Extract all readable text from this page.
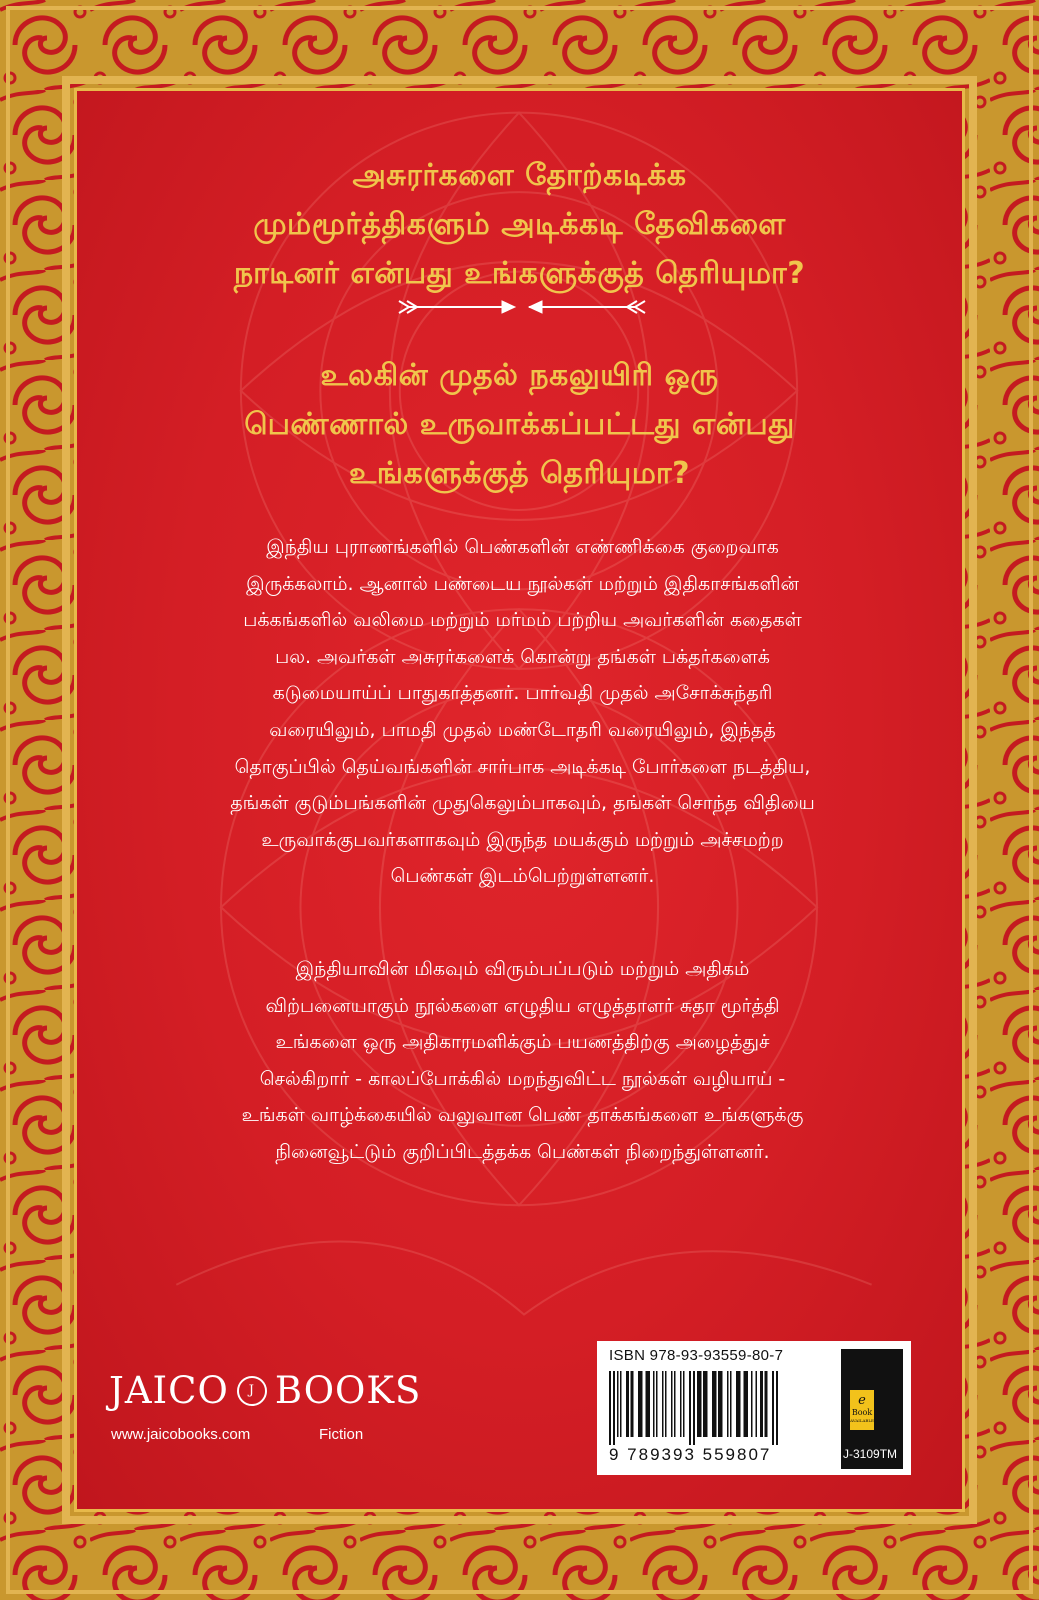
அசுரர்களை தோற்கடிக்க
மும்மூர்த்திகளும் அடிக்கடி தேவிகளை
நாடினர் என்பது உங்களுக்குத் தெரியுமா?
உலகின் முதல் நகலுயிரி ஒரு
பெண்ணால் உருவாக்கப்பட்டது என்பது
உங்களுக்குத் தெரியுமா?
இந்திய புராணங்களில் பெண்களின் எண்ணிக்கை குறைவாக
இருக்கலாம். ஆனால் பண்டைய நூல்கள் மற்றும் இதிகாசங்களின்
பக்கங்களில் வலிமை மற்றும் மர்மம் பற்றிய அவர்களின் கதைகள்
பல. அவர்கள் அசுரர்களைக் கொன்று தங்கள் பக்தர்களைக்
கடுமையாய்ப் பாதுகாத்தனர். பார்வதி முதல் அசோக்சுந்தரி
வரையிலும், பாமதி முதல் மண்டோதரி வரையிலும், இந்தத்
தொகுப்பில் தெய்வங்களின் சார்பாக அடிக்கடி போர்களை நடத்திய,
தங்கள் குடும்பங்களின் முதுகெலும்பாகவும், தங்கள் சொந்த விதியை
உருவாக்குபவர்களாகவும் இருந்த மயக்கும் மற்றும் அச்சமற்ற
பெண்கள் இடம்பெற்றுள்ளனர்.
இந்தியாவின் மிகவும் விரும்பப்படும் மற்றும் அதிகம்
விற்பனையாகும் நூல்களை எழுதிய எழுத்தாளர் சுதா மூர்த்தி
உங்களை ஒரு அதிகாரமளிக்கும் பயணத்திற்கு அழைத்துச்
செல்கிறார் - காலப்போக்கில் மறந்துவிட்ட நூல்கள் வழியாய் -
உங்கள் வாழ்க்கையில் வலுவான பெண் தாக்கங்களை உங்களுக்கு
நினைவூட்டும் குறிப்பிடத்தக்க பெண்கள் நிறைந்துள்ளனர்.
JAICO	J BOOKS
www.jaicobooks.com	Fiction
ISBN 978-93-93559-80-7
9 789393 559807
e
Book
AVAILABLE
J-3109TM
